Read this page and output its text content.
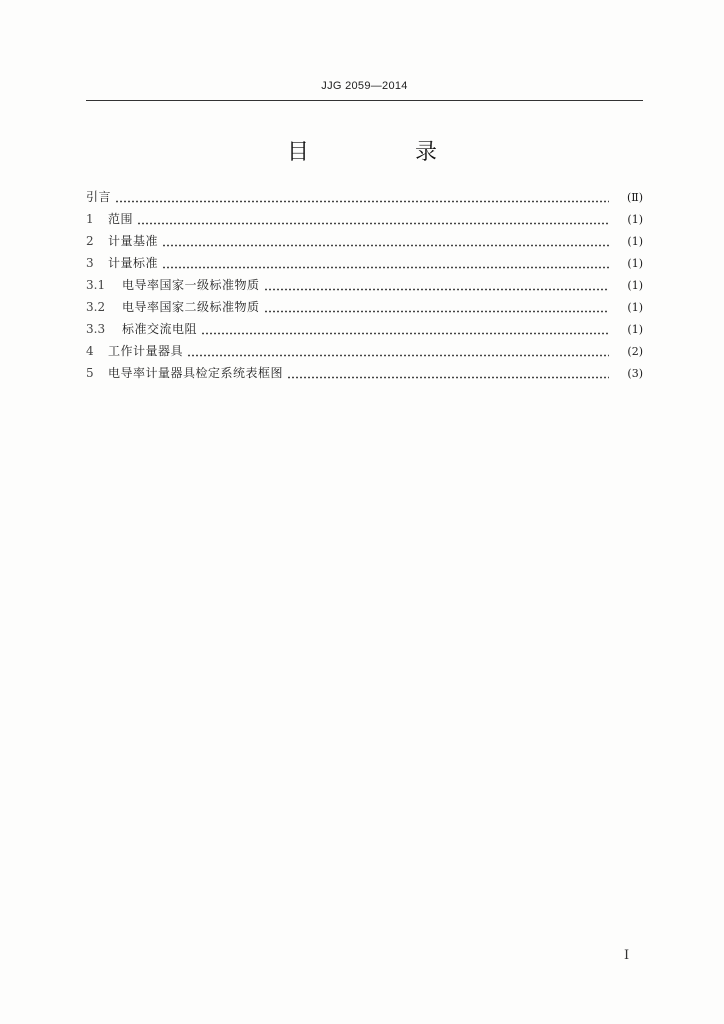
JJG 2059—2014
目　录
引言	(Ⅱ)
1	范围	(1)
2	计量基准	(1)
3	计量标准	(1)
3.1	电导率国家一级标准物质	(1)
3.2	电导率国家二级标准物质	(1)
3.3	标准交流电阻	(1)
4	工作计量器具	(2)
5	电导率计量器具检定系统表框图	(3)
I
